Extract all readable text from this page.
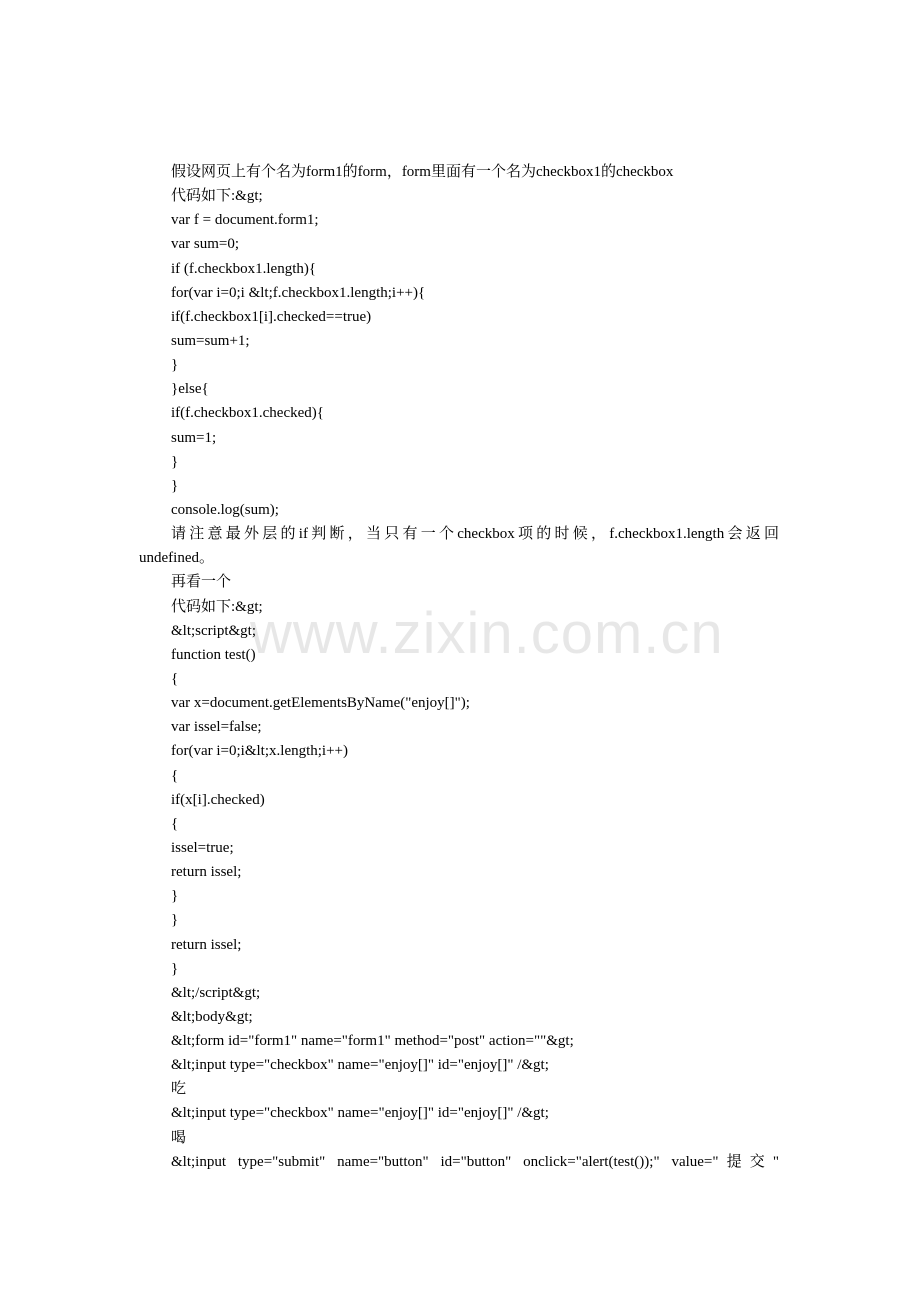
假设网页上有个名为form1的form，form里面有一个名为checkbox1的checkbox
代码如下:&gt;
var f = document.form1;
var sum=0;
if (f.checkbox1.length){
for(var i=0;i &lt;f.checkbox1.length;i++){
if(f.checkbox1[i].checked==true)
sum=sum+1;
}
}else{
if(f.checkbox1.checked){
sum=1;
}
}
console.log(sum);
请注意最外层的if判断，当只有一个checkbox项的时候，f.checkbox1.length会返回
undefined。
再看一个
代码如下:&gt;
&lt;script&gt;
function test()
{
var x=document.getElementsByName("enjoy[]");
var issel=false;
for(var i=0;i&lt;x.length;i++)
{
if(x[i].checked)
{
issel=true;
return issel;
}
}
return issel;
}
&lt;/script&gt;
&lt;body&gt;
&lt;form id="form1" name="form1" method="post" action=""&gt;
&lt;input type="checkbox" name="enjoy[]" id="enjoy[]" /&gt;
吃
&lt;input type="checkbox" name="enjoy[]" id="enjoy[]" /&gt;
喝
&lt;input type="submit" name="button" id="button" onclick="alert(test());" value="提交"
www.zixin.com.cn
